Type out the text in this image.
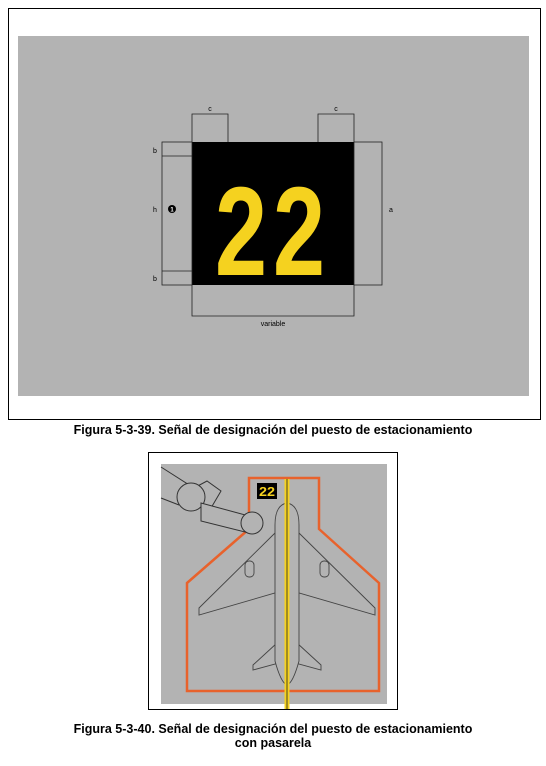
22
c	c
b
b
h 1	a
variable
Figura 5-3-39. Señal de designación del puesto de estacionamiento
22
Figura 5-3-40. Señal de designación del puesto de estacionamiento
con pasarela
